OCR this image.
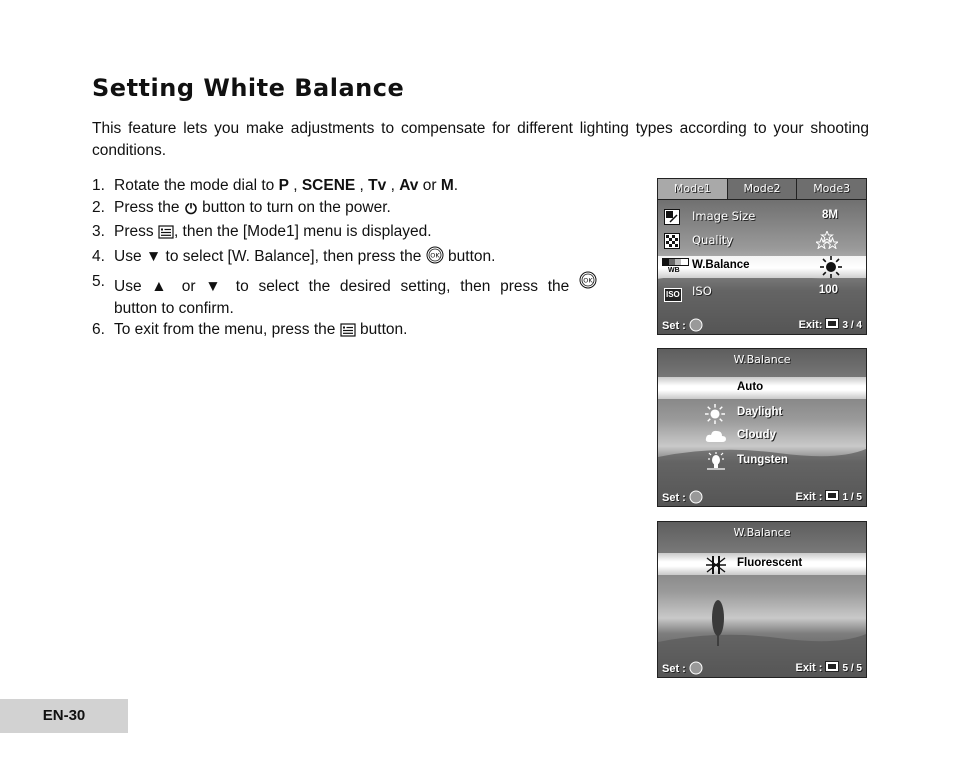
Setting White Balance
This feature lets you make adjustments to compensate for different lighting types according to your shooting conditions.
1. Rotate the mode dial to P , SCENE , Tv , Av or M.
2. Press the  button to turn on the power.
3. Press , then the [Mode1] menu is displayed.
4. Use ▼ to select [W. Balance], then press the OK button.
5. Use ▲ or ▼ to select the desired setting, then press the OK
button to confirm.
6. To exit from the menu, press the  button.
Mode1	Mode2	Mode3
Image Size	8M
Quality
WB W.Balance
ISO ISO	100
Set :	Exit: 3 / 4
W.Balance
Auto
Daylight
Cloudy
Tungsten
Set :	Exit : 1 / 5
W.Balance
Fluorescent
Set :	Exit : 5 / 5
EN-30
